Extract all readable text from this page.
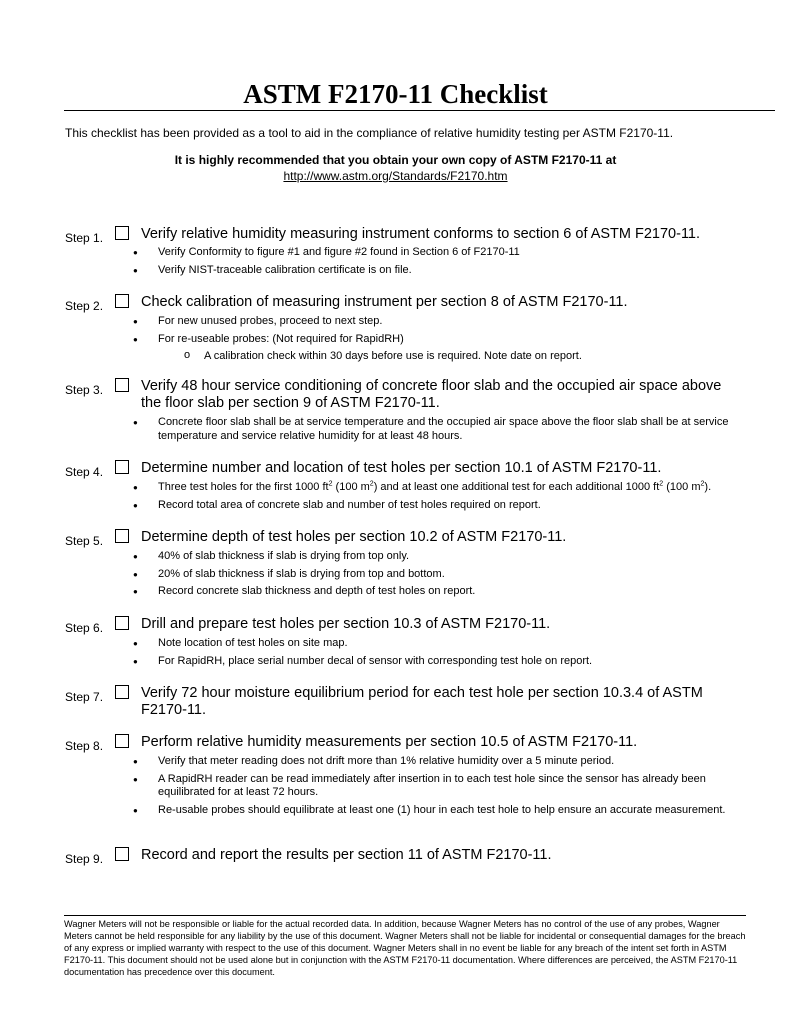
ASTM F2170-11 Checklist
This checklist has been provided as a tool to aid in the compliance of relative humidity testing per ASTM F2170-11.
It is highly recommended that you obtain your own copy of ASTM F2170-11 at
http://www.astm.org/Standards/F2170.htm
Step 1.	Verify relative humidity measuring instrument conforms to section 6 of ASTM F2170-11.
● Verify Conformity to figure #1 and figure #2 found in Section 6 of F2170-11
● Verify NIST-traceable calibration certificate is on file.
Step 2.	Check calibration of measuring instrument per section 8 of ASTM F2170-11.
● For new unused probes, proceed to next step.
● For re-useable probes: (Not required for RapidRH)
o A calibration check within 30 days before use is required. Note date on report.
Step 3.	Verify 48 hour service conditioning of concrete floor slab and the occupied air space above the floor slab per section 9 of ASTM F2170-11.
● Concrete floor slab shall be at service temperature and the occupied air space above the floor slab shall be at service temperature and service relative humidity for at least 48 hours.
Step 4.	Determine number and location of test holes per section 10.1 of ASTM F2170-11.
● Three test holes for the first 1000 $ft^2$ (100 $m^2$) and at least one additional test for each additional 1000 $ft^2$ (100 $m^2$).
● Record total area of concrete slab and number of test holes required on report.
Step 5.	Determine depth of test holes per section 10.2 of ASTM F2170-11.
● 40% of slab thickness if slab is drying from top only.
● 20% of slab thickness if slab is drying from top and bottom.
● Record concrete slab thickness and depth of test holes on report.
Step 6.	Drill and prepare test holes per section 10.3 of ASTM F2170-11.
● Note location of test holes on site map.
● For RapidRH, place serial number decal of sensor with corresponding test hole on report.
Step 7.	Verify 72 hour moisture equilibrium period for each test hole per section 10.3.4 of ASTM F2170-11.
Step 8.	Perform relative humidity measurements per section 10.5 of ASTM F2170-11.
● Verify that meter reading does not drift more than 1% relative humidity over a 5 minute period.
● A RapidRH reader can be read immediately after insertion in to each test hole since the sensor has already been equilibrated for at least 72 hours.
● Re-usable probes should equilibrate at least one (1) hour in each test hole to help ensure an accurate measurement.
Step 9.	Record and report the results per section 11 of ASTM F2170-11.
Wagner Meters will not be responsible or liable for the actual recorded data. In addition, because Wagner Meters has no control of the use of any probes, Wagner Meters cannot be held responsible for any liability by the use of this document. Wagner Meters shall not be liable for incidental or consequential damages for the breach of any express or implied warranty with respect to the use of this document. Wagner Meters shall in no event be liable for any breach of the intent set forth in ASTM F2170-11. This document should not be used alone but in conjunction with the ASTM F2170-11 documentation. Where differences are perceived, the ASTM F2170-11 documentation has precedence over this document.
